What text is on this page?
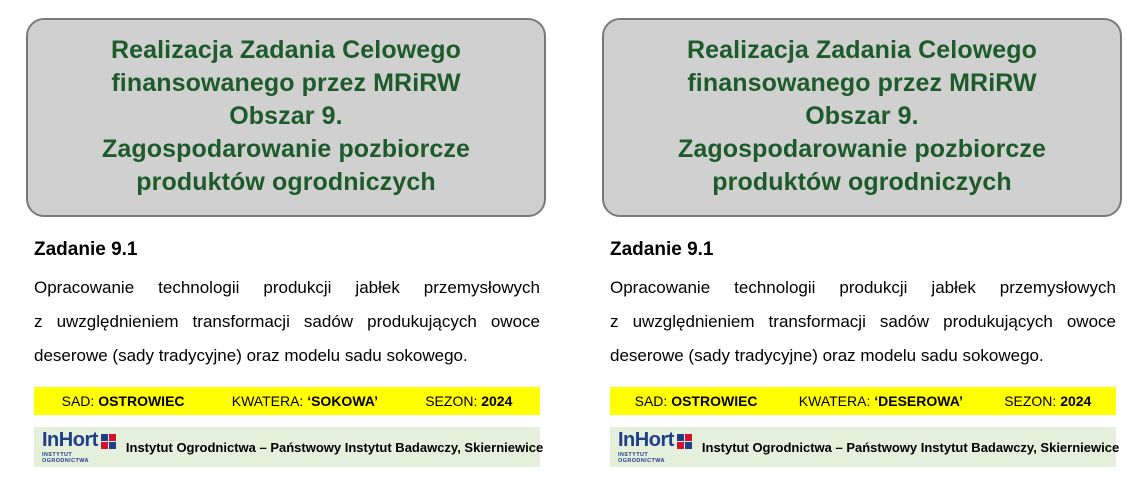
Realizacja Zadania Celowego
finansowanego przez MRiRW
Obszar 9.
Zagospodarowanie pozbiorcze
produktów ogrodniczych
Zadanie 9.1
Opracowanie technologii produkcji jabłek przemysłowych
z uwzględnieniem transformacji sadów produkujących owoce
deserowe (sady tradycyjne) oraz modelu sadu sokowego.
SAD: OSTROWIEC	KWATERA: ‘SOKOWA’	SEZON: 2024
In Hort
INSTYTUT OGRODNICTWA
Instytut Ogrodnictwa – Państwowy Instytut Badawczy, Skierniewice
Realizacja Zadania Celowego
finansowanego przez MRiRW
Obszar 9.
Zagospodarowanie pozbiorcze
produktów ogrodniczych
Zadanie 9.1
Opracowanie technologii produkcji jabłek przemysłowych
z uwzględnieniem transformacji sadów produkujących owoce
deserowe (sady tradycyjne) oraz modelu sadu sokowego.
SAD: OSTROWIEC	KWATERA: ‘DESEROWA’	SEZON: 2024
In Hort
INSTYTUT OGRODNICTWA
Instytut Ogrodnictwa – Państwowy Instytut Badawczy, Skierniewice
